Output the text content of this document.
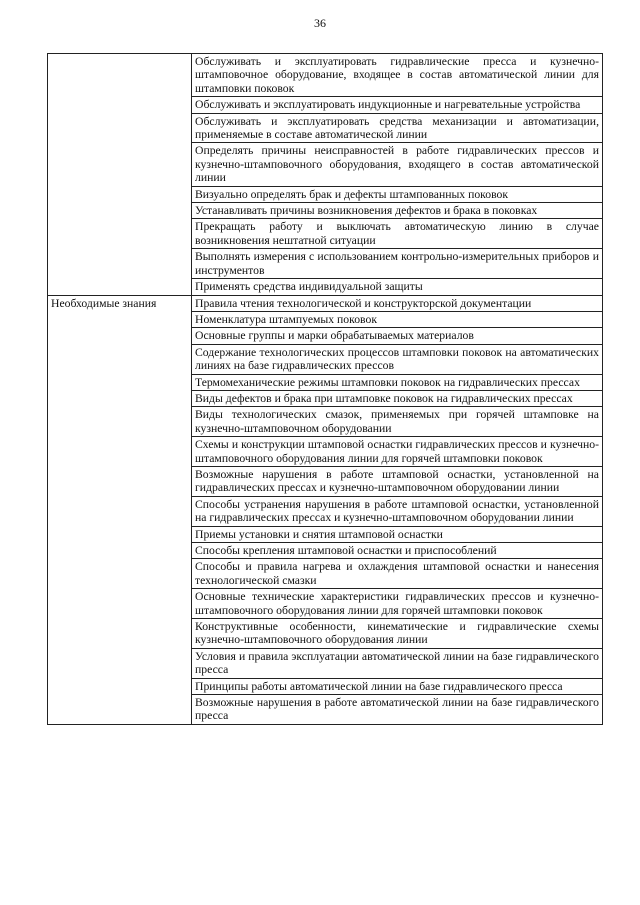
36
	Обслуживать и эксплуатировать гидравлические пресса и кузнечно-штамповочное оборудование, входящее в состав автоматической линии для штамповки поковок
	Обслуживать и эксплуатировать индукционные и нагревательные устройства
	Обслуживать и эксплуатировать средства механизации и автоматизации, применяемые в составе автоматической линии
	Определять причины неисправностей в работе гидравлических прессов и кузнечно-штамповочного оборудования, входящего в состав автоматической линии
	Визуально определять брак и дефекты штампованных поковок
	Устанавливать причины возникновения дефектов и брака в поковках
	Прекращать работу и выключать автоматическую линию в случае возникновения нештатной ситуации
	Выполнять измерения с использованием контрольно-измерительных приборов и инструментов
	Применять средства индивидуальной защиты
Необходимые знания	Правила чтения технологической и конструкторской документации
	Номенклатура штампуемых поковок
	Основные группы и марки обрабатываемых материалов
	Содержание технологических процессов штамповки поковок на автоматических линиях на базе гидравлических прессов
	Термомеханические режимы штамповки поковок на гидравлических прессах
	Виды дефектов и брака при штамповке поковок на гидравлических прессах
	Виды технологических смазок, применяемых при горячей штамповке на кузнечно-штамповочном оборудовании
	Схемы и конструкции штамповой оснастки гидравлических прессов и кузнечно-штамповочного оборудования линии для горячей штамповки поковок
	Возможные нарушения в работе штамповой оснастки, установленной на гидравлических прессах и кузнечно-штамповочном оборудовании линии
	Способы устранения нарушения в работе штамповой оснастки, установленной на гидравлических прессах и кузнечно-штамповочном оборудовании линии
	Приемы установки и снятия штамповой оснастки
	Способы крепления штамповой оснастки и приспособлений
	Способы и правила нагрева и охлаждения штамповой оснастки и нанесения технологической смазки
	Основные технические характеристики гидравлических прессов и кузнечно-штамповочного оборудования линии для горячей штамповки поковок
	Конструктивные особенности, кинематические и гидравлические схемы кузнечно-штамповочного оборудования линии
	Условия и правила эксплуатации автоматической линии на базе гидравлического пресса
	Принципы работы автоматической линии на базе гидравлического пресса
	Возможные нарушения в работе автоматической линии на базе гидравлического пресса
